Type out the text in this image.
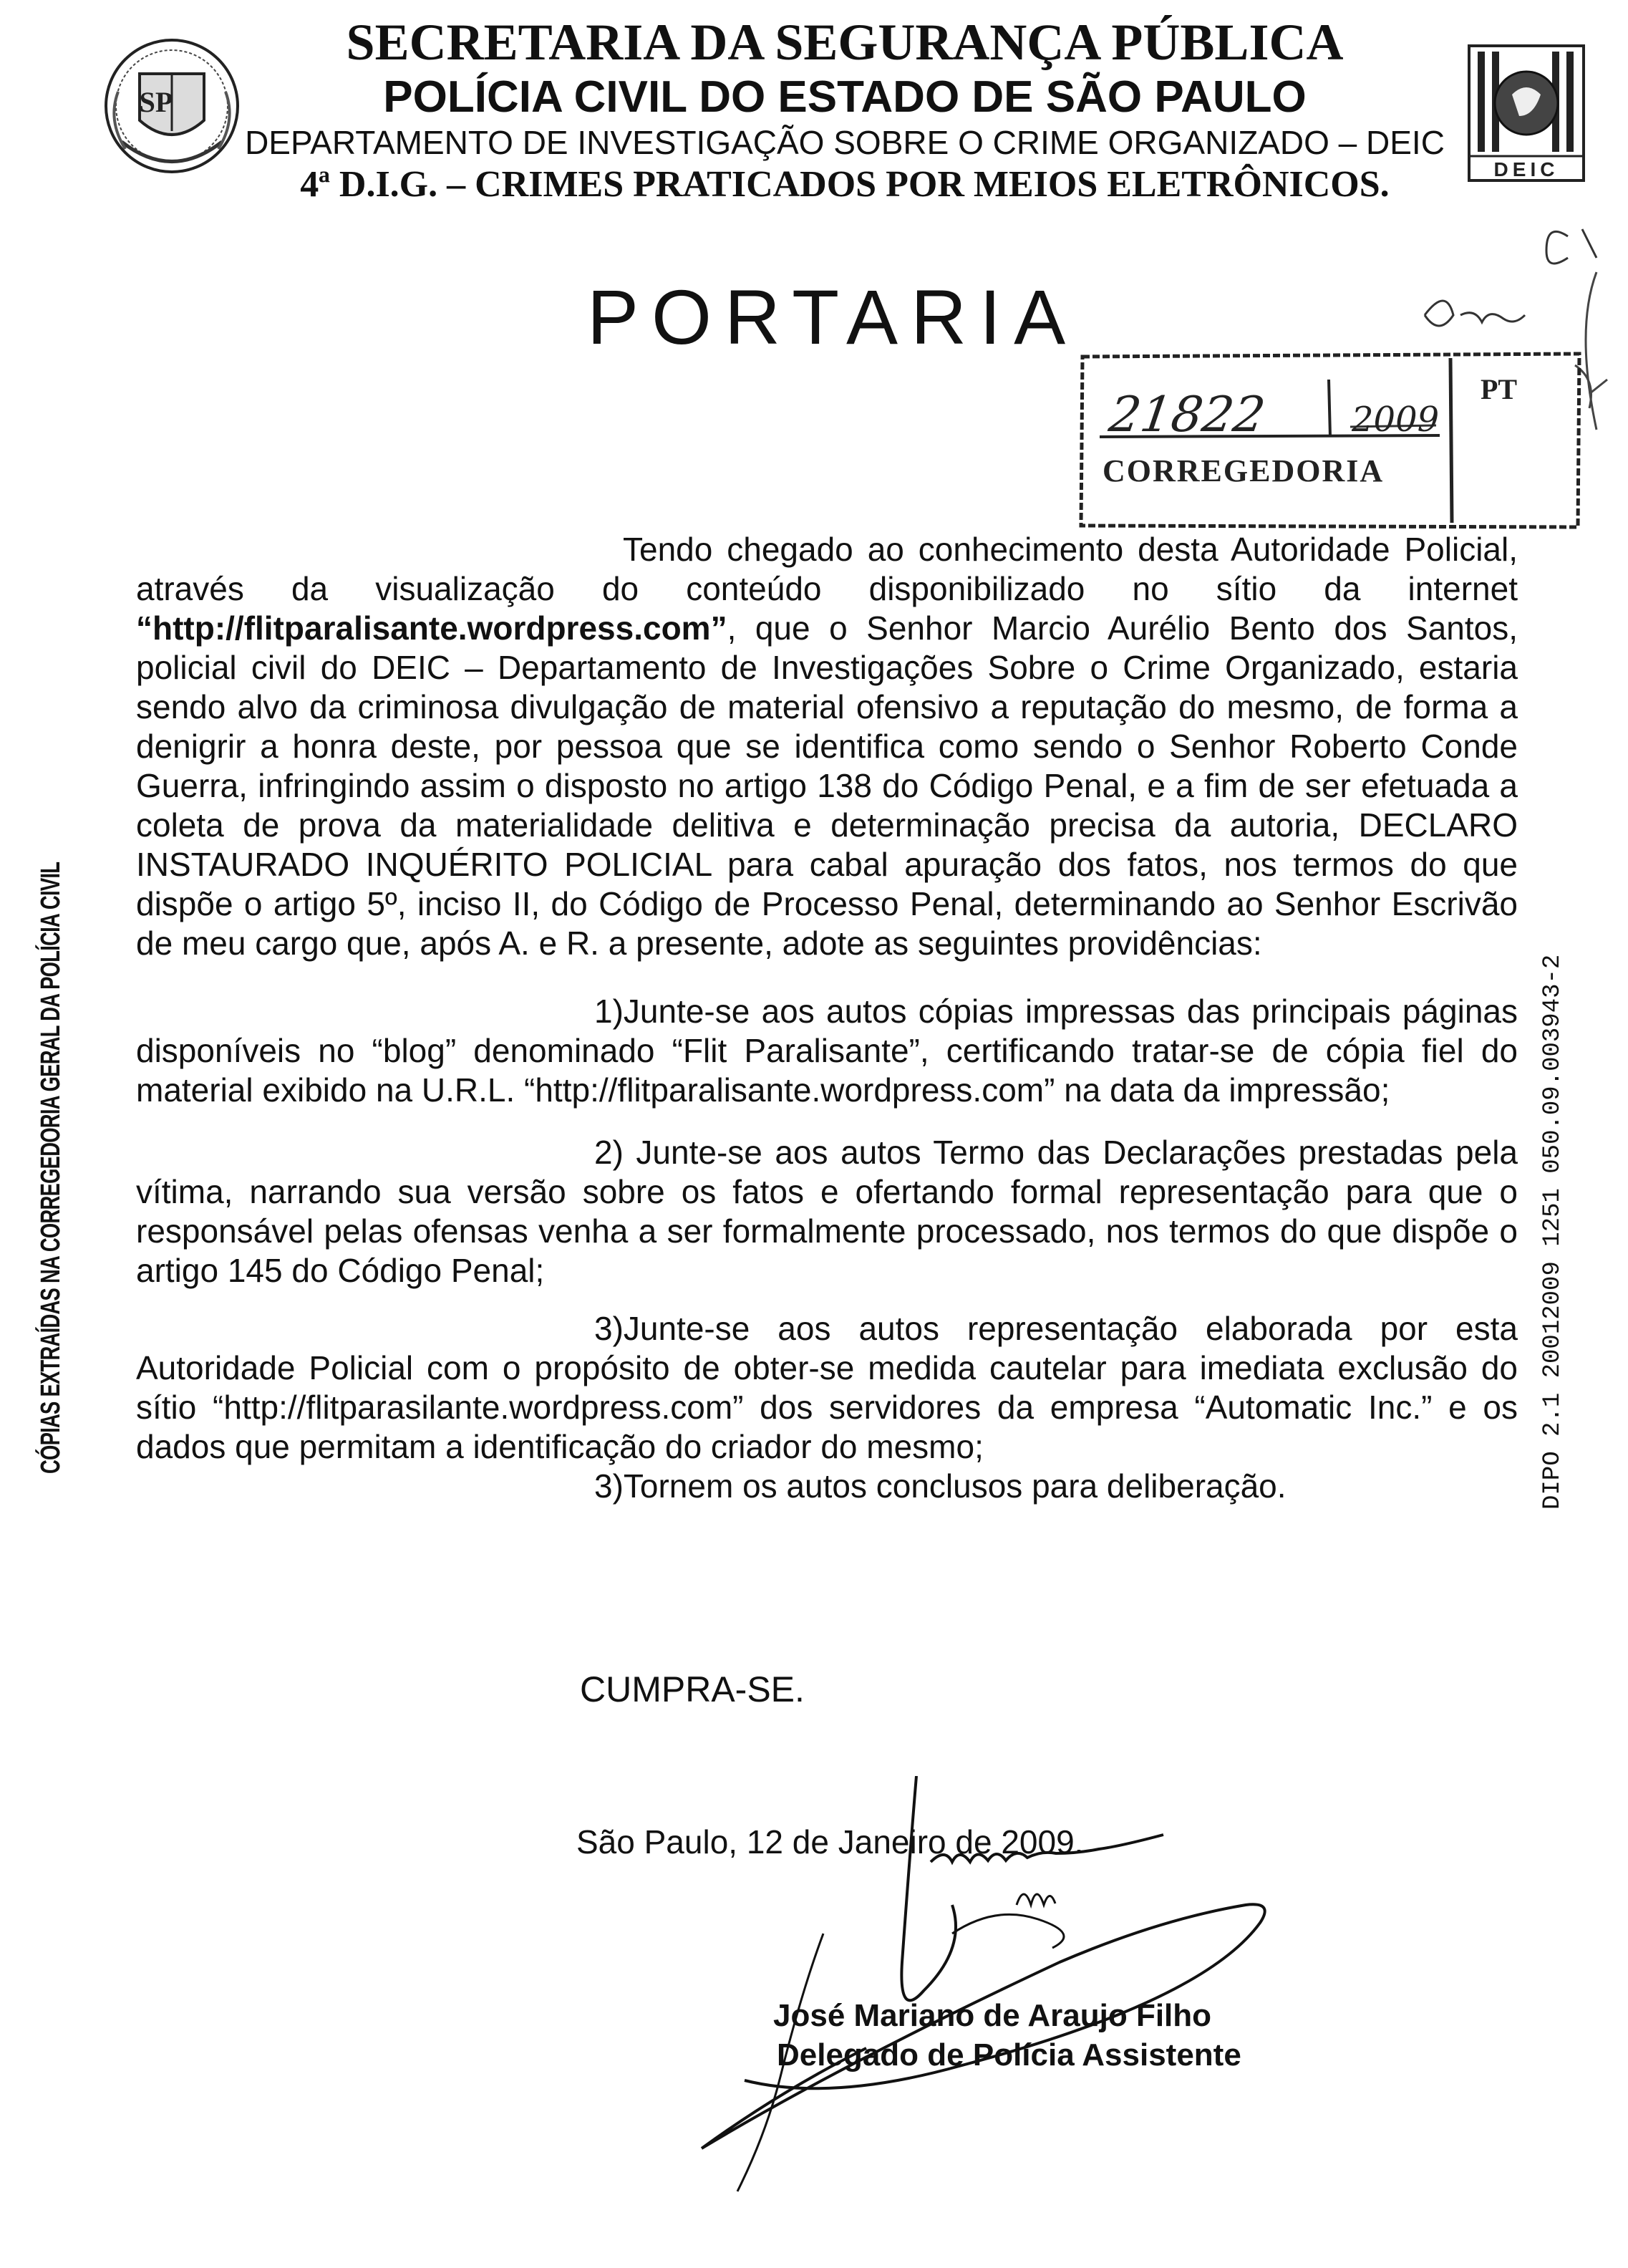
SECRETARIA DA SEGURANÇA PÚBLICA
POLÍCIA CIVIL DO ESTADO DE SÃO PAULO
DEPARTAMENTO DE INVESTIGAÇÃO SOBRE O CRIME ORGANIZADO – DEIC
4ª D.I.G. – CRIMES PRATICADOS POR MEIOS ELETRÔNICOS.
SP
DEIC
PORTARIA
21822 2009
CORREGEDORIA
PT
CÓPIAS EXTRAÍDAS NA CORREGEDORIA GERAL DA POLÍCIA CIVIL	DIPO 2.1 20012009 1251 050.09.003943-2

Tendo chegado ao conhecimento desta Autoridade Policial, através da visualização do conteúdo disponibilizado no sítio da internet “http://flitparalisante.wordpress.com”, que o Senhor Marcio Aurélio Bento dos Santos, policial civil do DEIC – Departamento de Investigações Sobre o Crime Organizado, estaria sendo alvo da criminosa divulgação de material ofensivo a reputação do mesmo, de forma a denigrir a honra deste, por pessoa que se identifica como sendo o Senhor Roberto Conde Guerra, infringindo assim o disposto no artigo 138 do Código Penal, e a fim de ser efetuada a coleta de prova da materialidade delitiva e determinação precisa da autoria, DECLARO INSTAURADO INQUÉRITO POLICIAL para cabal apuração dos fatos, nos termos do que dispõe o artigo 5º, inciso II, do Código de Processo Penal, determinando ao Senhor Escrivão de meu cargo que, após A. e R. a presente, adote as seguintes providências:

1)Junte-se aos autos cópias impressas das principais páginas disponíveis no “blog” denominado “Flit Paralisante”, certificando tratar-se de cópia fiel do material exibido na U.R.L. “http://flitparalisante.wordpress.com” na data da impressão;

2) Junte-se aos autos Termo das Declarações prestadas pela vítima, narrando sua versão sobre os fatos e ofertando formal representação para que o responsável pelas ofensas venha a ser formalmente processado, nos termos do que dispõe o artigo 145 do Código Penal;

3)Junte-se aos autos representação elaborada por esta Autoridade Policial com o propósito de obter-se medida cautelar para imediata exclusão do sítio “http://flitparasilante.wordpress.com” dos servidores da empresa “Automatic Inc.” e os dados que permitam a identificação do criador do mesmo;

3)Tornem os autos conclusos para deliberação.

CUMPRA-SE.
São Paulo, 12 de Janeiro de 2009.
José Mariano de Araujo Filho
Delegado de Polícia Assistente
